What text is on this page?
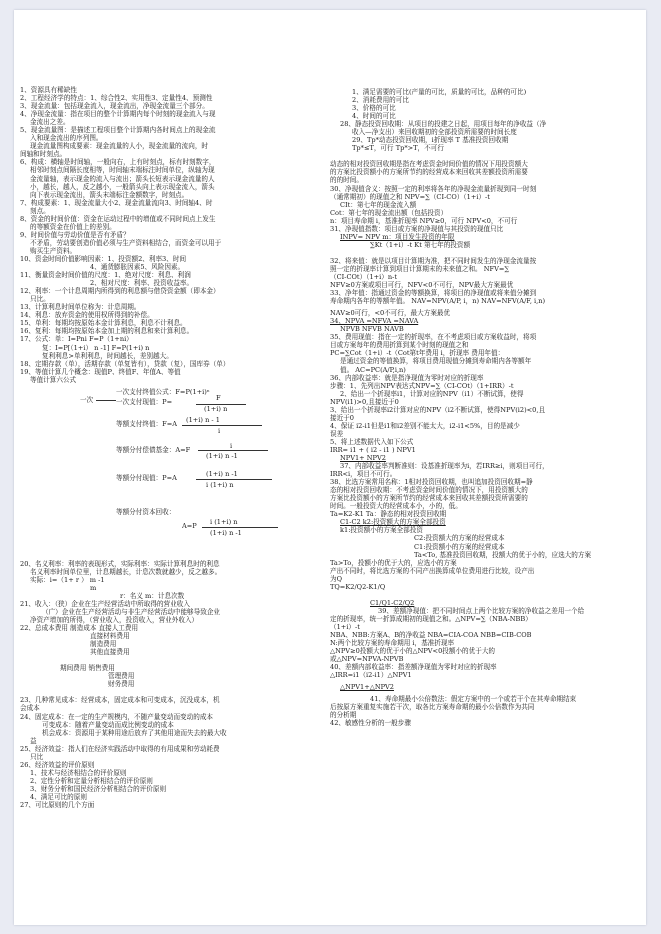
1、资源具有稀缺性
2、工程经济学的特点：1、综合性2、实用性3、定量性4、预测性
3、现金流量：包括现金流入，现金流出，净现金流量三个部分。
4、净现金流量：指在项目的整个计算期内每个时刻的现金流入与现
金流出之差。
5、现金流量图：是描述工程项目整个计算期内各时间点上的现金流
入和现金流出的序列图。
现金流量图构成要素：现金流量的人小，现金流量的流向，时
间轴和时刻点。
6、构成：横轴是时间轴，一般向右，上有时刻点，标有时刻数字，
相邻时刻点间隔长度相等，时间轴末端标注时间单位，纵轴为现
金流量轴，表示现金的流入与流出；箭头长短表示现金流量的人
小，越长，越人，反之越小，一般箭头向上表示现金流入，箭头
向下表示现金流出，箭头末端标注金额数字，时刻点。
7、构成要素：1、现金流量大小2、现金流量流向3、时间轴4、时
刻点。
8、资金的时间价值：资金在运动过程中的增值或不同时间点上发生
的等额资金在价值上的差别。
9、时间价值与劳动价值是否有矛盾？
不矛盾，劳动要创造价值必须与生产资料相结合，而资金可以用于
购买生产资料。
10、资金时间价值影响因素：1、投资额2、利率3、时间
4、通货膨胀因素5、风险因素。
11、衡量资金时间价值的尺度：1、绝对尺度：利息、利润
2、相对尺度：利率、投资收益率。
12、利率：一个计息周期内所得到的利息额与借贷资金额（即本金）
只比。
13、计算利息时间单位称为：计息周期。
14、利息：放弃资金的使用权所得到的补偿。
15、单利：每期均按原始本金计算利息，利息不计利息。
16、复利：每期均按原始本金加上期的利息和来计算利息。
17、公式：单：I=Pni F=P（1+ni）
复：I=P[（1+i） n -1] F=P(1+i) n
复利利息>单利利息，时间越长，差别越大。
18、定期存款（单），活期存款（单复皆有），贷款（复），国库券（单）
19、等值计算几个概念：现值P、终值F、年值A、等值
等值计算六公式
一次
一次支付终值公式：F=P(1+i)ⁿ
一次支付现值：P=	F
(1+i) n
等额支付终值：F=A (1+i) n - 1
i
等额分付偿债基金：A=F	i
(1+i) n -1
等额分付现值：P=A	(1+i) n -1
i (1+i) n
等额分付资本回收：
A=P i (1+i) n
(1+i) n -1
20、名义利率：利率的表现形式，实际利率：实际计算利息时的利息
名义利率时间单位里，计息期越长，计息次数就越少，反之越多。
实际：i=（1+ r ） m -1
m
r：名义 m：计息次数
21、收入：（狭）企业在生产经营活动中所取得的营业收入
（广）企业在生产经营活动与非生产经营活动中能够导致企业
净资产增加的所得，（营业收入，投资收入，营业外收入）
22、总成本费用 制造成本 直接人工费用
直接材料费用
制造费用
其他直接费用
期间费用 销售费用
管理费用
财务费用
23、几种常见成本：经营成本，固定成本和可变成本，沉没成本，机
会成本
24、固定成本：在一定的生产规模内，不随产量变动而变动的成本
可变成本：随着产量变动而成比例变动的成本
机会成本：资源用于某种用途后放弃了其他用途而失去的最大收
益
25、经济效益：指人们在经济实践活动中取得的有用成果和劳动耗费
只比
26、经济效益的评价原则
1、技术与经济相结合的评价原则
2、定性分析和定量分析相结合的评价原则
3、财务分析和国民经济分析相结合的评价原则
4、满足可比的原则
27、可比原则的几个方面
1、满足需要的可比(产量的可比，质量的可比，品种的可比)
2、消耗费用的可比
3、价格的可比
4、时间的可比
28、静态投资回收期：从项目的投建之日起，用项目每年的净收益（净
收入—净支出）来回收期初的全部投资所需要的时间长度
29、Tp*动态投资回收期，i折现率 T 基准投资回收期
Tp*≤T，可行 Tp*>T，不可行
动态的相对投资回收期是指在考虑资金时间价值的情况下用投资额大
的方案比投资额小的方案所节约的经营成本来回收其差额投资所需要
的的时间。
30、净现值含义：按照一定的利率将各年的净现金流量折现到同一时刻
（通常期初）的现值之和 NPV=∑（CI-CO）（1+i）-t
CIt：第七年的现金流入额
Cot：第七年的现金流出额（包括投资）
n：项目寿命期 i，基准折现率 NPV≥0，可行 NPV<0，不可行
31、净现值指数：项目或方案的净现值与其投资的现值只比
INPV= NPV m：项目发生投资的年限
∑Kt（1+i）-t Kt 第七年的投资额
32、将来值：就是以项目计算期为准，把不同时间发生的净现金流量按
照一定的折现率计算到项目计算期末的未来值之和。 NFV=∑
（CI-COt）（1+i）n-t
NFV≥0方案或项目可行，NFV<0不可行，NPV最大方案最优
33、净年值：指通过资金的等额换算，将项目的净现值或将来值分摊到
寿命期内各年的等额年值。 NAV=NPV(A/P, i，n) NAV=NFV(A/F, i,n)
NAV≥0可行，<0不可行，最大方案最优
34、NPVA =NFVA =NAVA
NPVB NFVB NAVB
35、费用现值：指在一定的折现率，在不考虑项目或方案收益时，将项
目或方案每年的费用折算到某个时刻的现值之和
PC=∑Cot（1+i）-t（Cot第t年费用 i，折现率 费用年值：
是通过资金的等值换算，将项目费用现值分摊到寿命期内各等额年
值。 AC=PC(A/P,i,n)
36、内部收益率：就是指净现值为零时对应的折现率
步骤：1、先列出NPV表达式NPV=∑（CI-COt）（1+IRR）-t
2、给出一个折现率i1，计算对应的NPV（i1）不断试算，使得
NPV(i1)>0,且接近于0
3、给出一个折现率i2计算对应的NPV（i2不断试算，使得NPV(i2)<0,且
接近于0
4、保证 i2-i1但是i1和i2差别不能太大，i2-i1<5%，目的是减少
误差
5、将上述数据代入如下公式
IRR= i1 + ( i2 - i1 ) NPV1
NPV1+ NPV2
37、内部收益率判断准则：设基准折现率为i，若IRR≥i，则项目可行，
IRR<i，项目不可行。
38、比选方案常用名称：1相对投资回收期，也叫追加投资回收期=静
态的相对投资回收期：不考虑资金时间价值的情况下，用投资额大的
方案比投资额小的方案所节约的经营成本来回收其差额投资所需要的
时间。一般投资大的经营成本小，小的，低。
Ta=K2-K1 Ta：静态的相对投资回收期
C1-C2 k2:投资额大的方案全部投资
k1:投资额小的方案全部投资
C2:投资额大的方案的经营成本
C1:投资额小的方案的经营成本
Ta<To, 基准投资回收期，投额大的优于小的，应选大的方案
Ta>To，投额小的优于大的，应选小的方案
产出不同时，将比选方案的不同产出换算成单位费用进行比较，设产出
为Q
TQ=K2/Q2-K1/Q
C1/Q1-C2/Q2
39、差额净现值：把不同时间点上两个比较方案的净收益之差用一个给
定的折现率，统一折算成期初的现值之和。△NPV=∑（NBA-NBB）
（1+i）-t
NBA、NBB:方案A、B的净收益 NBA=CIA-COA NBB=CIB-COB
N:两个比较方案的寿命期用 i，基准折现率
△NPV≥0投额大的优于小的△NPV<0投额小的优于大的
或△NPV=NPVA-NPVB
40、差额内部收益率：指差额净现值为零时对应的折现率
△IRR=i1（i2-i1）△NPV1
△NPV1+△NPV2
41、寿命期最小公倍数法：假定方案中的一个或若干个在其寿命期结束
后按原方案重复实施若干次，取各比方案寿命期的最小公倍数作为共同
的分析期
42、敏感性分析的一般步骤
